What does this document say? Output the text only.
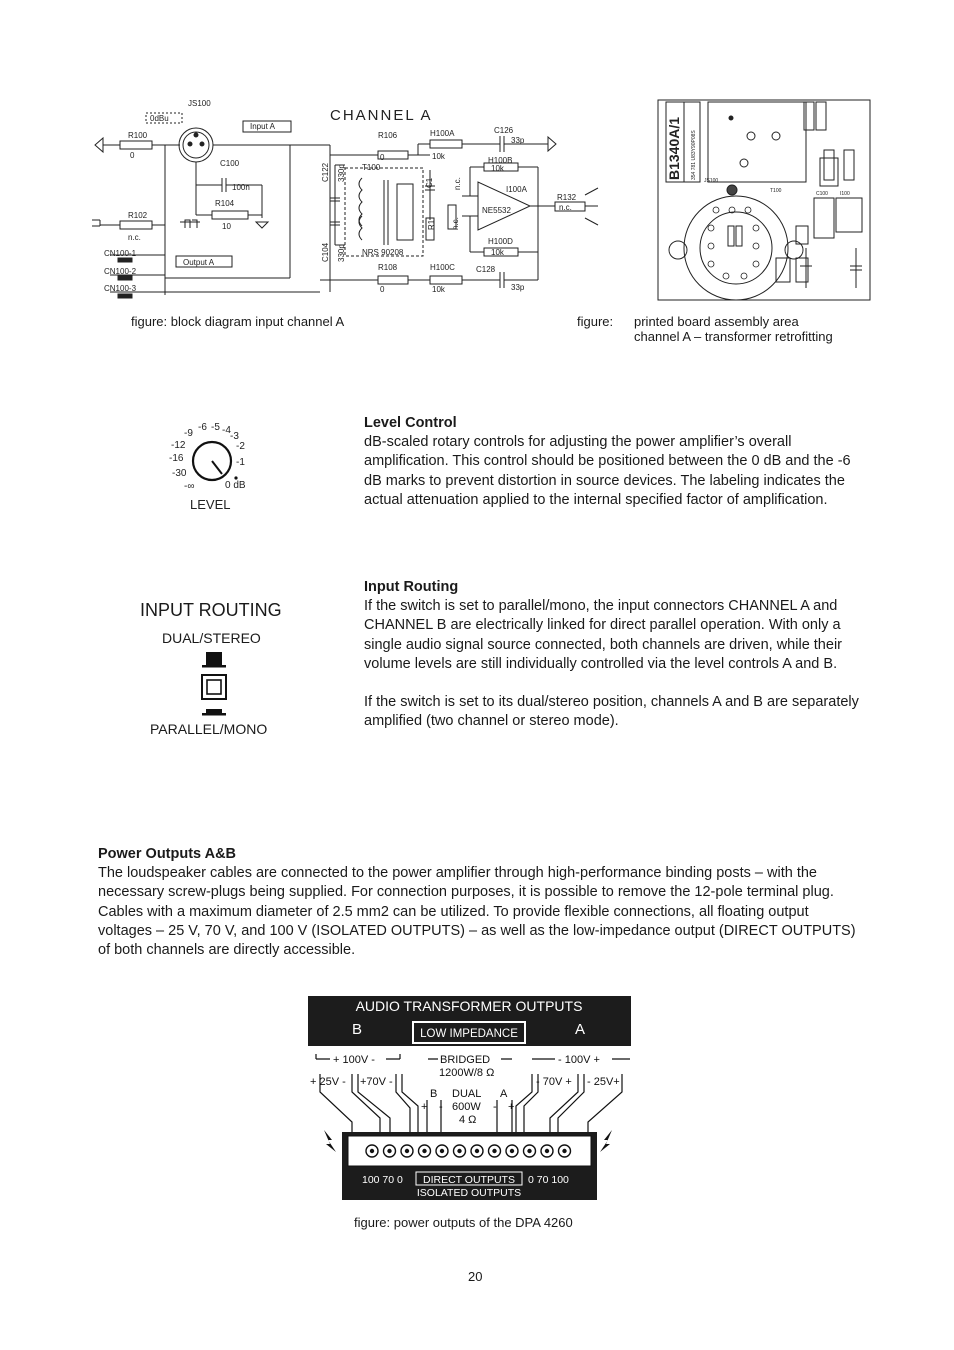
CHANNEL A
JS100
0dBu
Input A
Output A
R100
0
R102
n.c.
C100
100n
R104
10
R106
0
H100A
10k
C126
33p
H100B
10k
T100
NRS 90208
I100A
NE5532
R132
n.c.
H100D
10k
R108
0
H100C
10k
C128
33p
CN100-1
CN100-2
CN100-3
C122 330p
C104 330p
R1 n.c.
C1 n.c.
B1340A/1 354 781 U83Y90P08S
JS100
T100	C100 I100
figure: block diagram input channel A	figure: printed board assembly area
channel A – transformer retrofitting
-∞
-30
-16
-12
-9
-6 -5 -4
-3
-2
-1
0 dB
LEVEL
Level Control
dB-scaled rotary controls for adjusting the power amplifier’s overall amplification. This control should be positioned between the 0 dB and the -6 dB marks to prevent distortion in source devices. The labeling indicates the actual attenuation applied to the internal specified factor of amplification.
INPUT ROUTING
DUAL/STEREO
PARALLEL/MONO
Input Routing
If the switch is set to parallel/mono, the input connectors CHANNEL A and CHANNEL B are electrically linked for direct parallel operation. With only a single audio signal source connected, both channels are driven, while their volume levels are still individually controlled via the level controls A and B.
If the switch is set to its dual/stereo position, channels A and B are separately amplified (two channel or stereo mode).
Power Outputs A&B
The loudspeaker cables are connected to the power amplifier through high-performance binding posts – with the necessary screw-plugs being supplied. For connection purposes, it is possible to remove the 12-pole terminal plug. Cables with a maximum diameter of 2.5 mm2 can be utilized. To provide flexible connections, all floating output voltages – 25 V, 70 V, and 100 V (ISOLATED OUTPUTS) – as well as the low-impedance output (DIRECT OUTPUTS) of both channels are directly accessible.
AUDIO TRANSFORMER OUTPUTS
B	A
LOW IMPEDANCE
+ 100V -
+ 25V - +70V -
BRIDGED
1200W/8 Ω
B DUAL A
600W
4 Ω
- 100V +
- 70V + - 25V+
+ -	- +
100 70 0 DIRECT OUTPUTS 0 70 100
ISOLATED OUTPUTS
figure: power outputs of the DPA 4260
20
